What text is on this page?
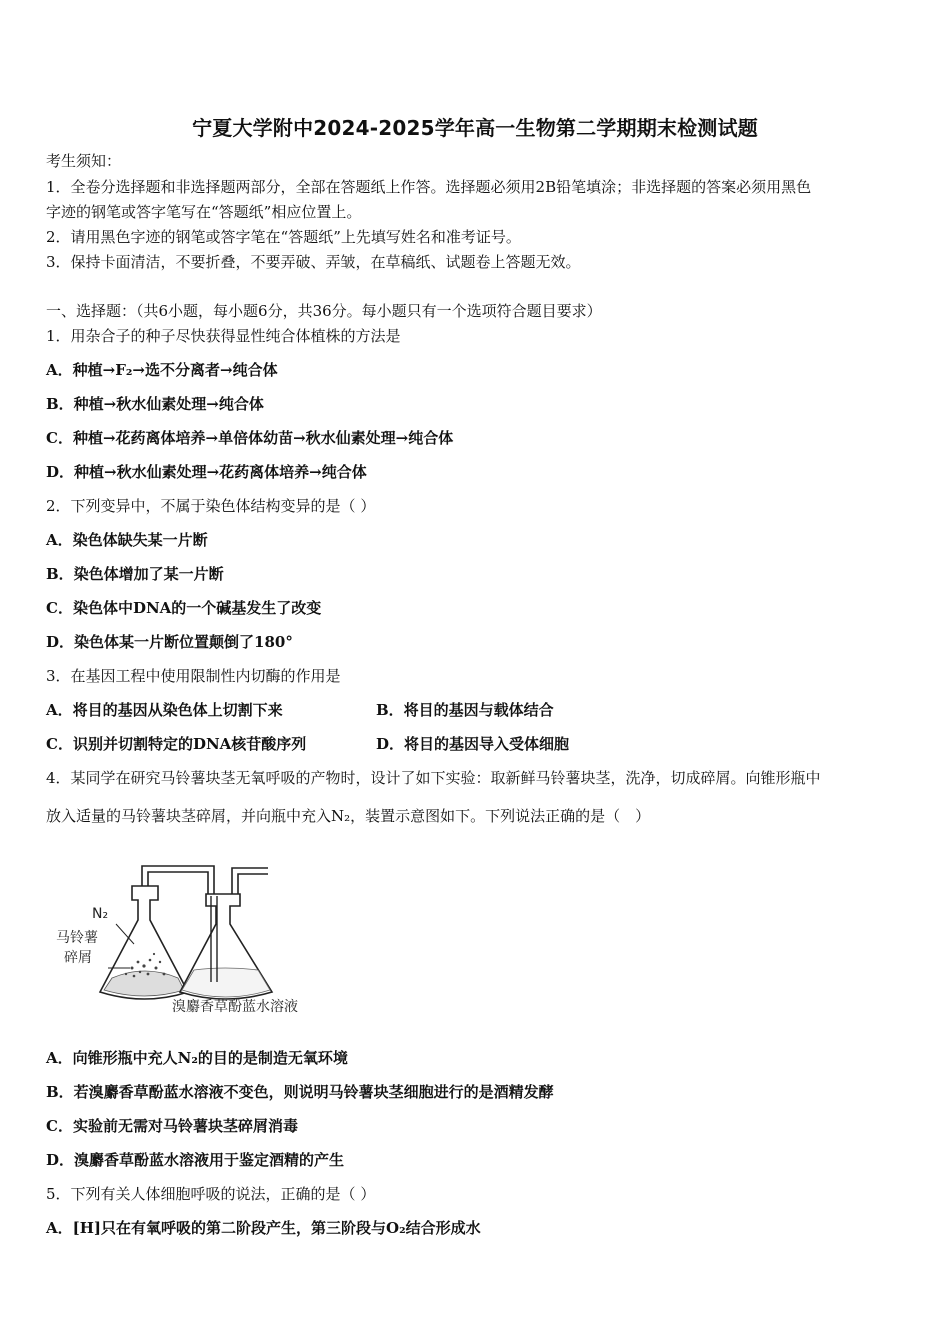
宁夏大学附中2024-2025学年高一生物第二学期期末检测试题
考生须知：
1．全卷分选择题和非选择题两部分，全部在答题纸上作答。选择题必须用2B铅笔填涂；非选择题的答案必须用黑色
字迹的钢笔或答字笔写在“答题纸”相应位置上。
2．请用黑色字迹的钢笔或答字笔在“答题纸”上先填写姓名和准考证号。
3．保持卡面清洁，不要折叠，不要弄破、弄皱，在草稿纸、试题卷上答题无效。
一、选择题：（共6小题，每小题6分，共36分。每小题只有一个选项符合题目要求）
1．用杂合子的种子尽快获得显性纯合体植株的方法是
A．种植→F₂→选不分离者→纯合体
B．种植→秋水仙素处理→纯合体
C．种植→花药离体培养→单倍体幼苗→秋水仙素处理→纯合体
D．种植→秋水仙素处理→花药离体培养→纯合体
2．下列变异中，不属于染色体结构变异的是（ ）
A．染色体缺失某一片断
B．染色体增加了某一片断
C．染色体中DNA的一个碱基发生了改变
D．染色体某一片断位置颠倒了180°
3．在基因工程中使用限制性内切酶的作用是
A．将目的基因从染色体上切割下来	B．将目的基因与载体结合
C．识别并切割特定的DNA核苷酸序列	D．将目的基因导入受体细胞
4．某同学在研究马铃薯块茎无氧呼吸的产物时，设计了如下实验：取新鲜马铃薯块茎，洗净，切成碎屑。向锥形瓶中
放入适量的马铃薯块茎碎屑，并向瓶中充入N₂，装置示意图如下。下列说法正确的是（　）
N₂
马铃薯
碎屑
溴麝香草酚蓝水溶液
A．向锥形瓶中充人N₂的目的是制造无氧环境
B．若溴麝香草酚蓝水溶液不变色，则说明马铃薯块茎细胞进行的是酒精发酵
C．实验前无需对马铃薯块茎碎屑消毒
D．溴麝香草酚蓝水溶液用于鉴定酒精的产生
5．下列有关人体细胞呼吸的说法，正确的是（ ）
A．[H]只在有氧呼吸的第二阶段产生，第三阶段与O₂结合形成水
